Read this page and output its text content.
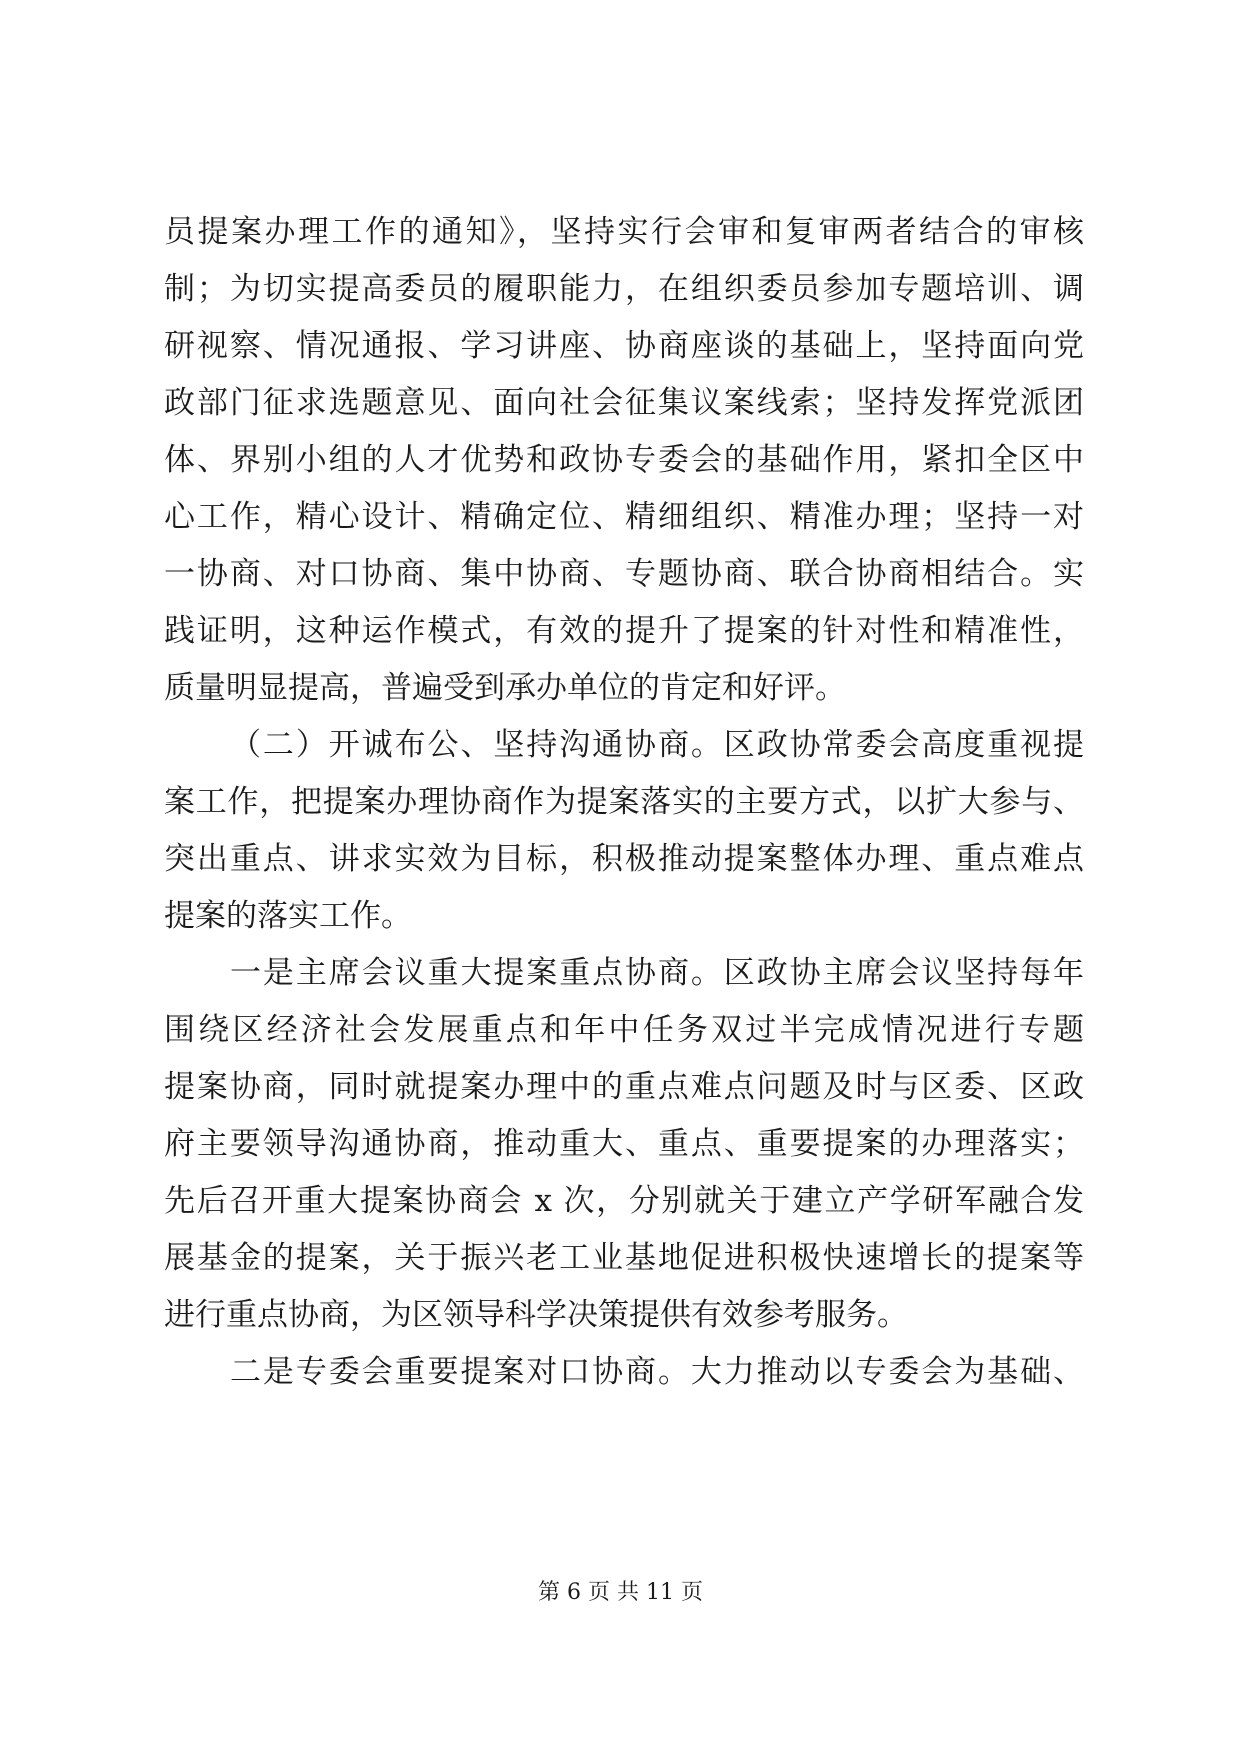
员提案办理工作的通知》，坚持实行会审和复审两者结合的审核
制；为切实提高委员的履职能力，在组织委员参加专题培训、调
研视察、情况通报、学习讲座、协商座谈的基础上，坚持面向党
政部门征求选题意见、面向社会征集议案线索；坚持发挥党派团
体、界别小组的人才优势和政协专委会的基础作用，紧扣全区中
心工作，精心设计、精确定位、精细组织、精准办理；坚持一对
一协商、对口协商、集中协商、专题协商、联合协商相结合。实
践证明，这种运作模式，有效的提升了提案的针对性和精准性，
质量明显提高，普遍受到承办单位的肯定和好评。
（二）开诚布公、坚持沟通协商。区政协常委会高度重视提
案工作，把提案办理协商作为提案落实的主要方式，以扩大参与、
突出重点、讲求实效为目标，积极推动提案整体办理、重点难点
提案的落实工作。
一是主席会议重大提案重点协商。区政协主席会议坚持每年
围绕区经济社会发展重点和年中任务双过半完成情况进行专题
提案协商，同时就提案办理中的重点难点问题及时与区委、区政
府主要领导沟通协商，推动重大、重点、重要提案的办理落实；
先后召开重大提案协商会 x 次，分别就关于建立产学研军融合发
展基金的提案，关于振兴老工业基地促进积极快速增长的提案等
进行重点协商，为区领导科学决策提供有效参考服务。
二是专委会重要提案对口协商。大力推动以专委会为基础、
第 6 页 共 11 页
